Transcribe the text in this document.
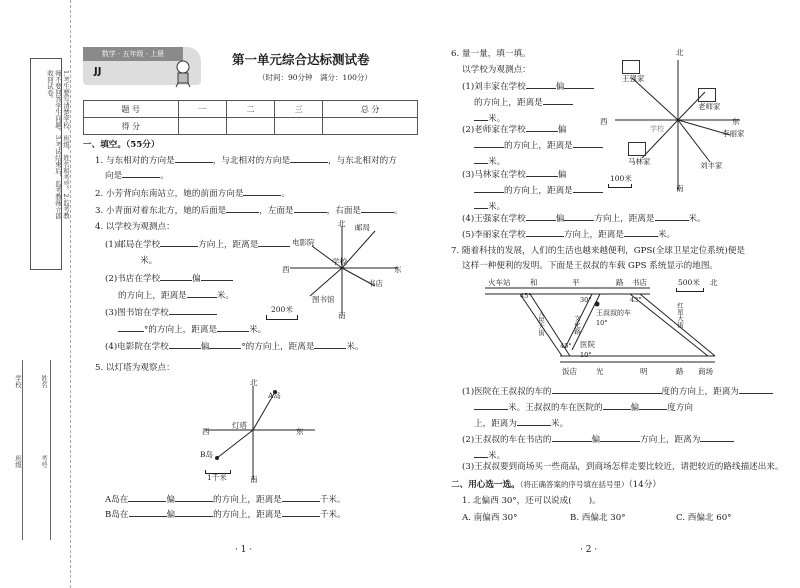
1.考生要写清楚学校、班级、姓名和考号。2.监考教师不要回答学生问题。3.考试结束后，监考教师立即收回试卷。
学校
班级
姓名
考号
数学 · 五年级 · 上册
JJ
第一单元综合达标测试卷
（时间：90分钟　满分：100分）
题 号	一	二	三	总 分
得 分				
一、填空。（55分）
1. 与东相对的方向是	，与北相对的方向是	，与东北相对的方
向是	。
2. 小芳背向东南站立，她的前面方向是	。
3. 小青面对着东北方，她的后面是	，左面是	，右面是	。
4. 以学校为观测点：
(1)邮局在学校	方向上，距离是
米。
(2)书店在学校	偏
的方向上，距离是	米。
(3)图书馆在学校
°的方向上，距离是	米。
(4)电影院在学校	偏	°的方向上，距离是	米。
北 邮局
电影院
西
学校
东
书店
图书馆
200米
南
5. 以灯塔为观察点：
北
A岛
灯塔
西	东
B岛
1千米	南
A岛在	偏	的方向上，距离是	千米。
B岛在	偏	的方向上，距离是	千米。
· 1 ·
6. 量一量，填一填。
以学校为观测点：
(1)刘丰家在学校	偏
的方向上，距离是
米。
(2)老师家在学校	偏
的方向上，距离是
米。
(3)马林家在学校	偏
的方向上，距离是
米。
(4)王强家在学校	偏	方向上，距离是	米。
(5)李丽家在学校	方向上，距离是	米。
北
王强家
老师家
西
学校
东
李丽家
马林家	刘丰家
100米
南
7. 随着科技的发展，人们的生活也越来越便利，GPS(全球卫星定位系统)便是
这样一种便利的发明。下面是王叔叔的车载 GPS 系统显示的地图。
火车站	和	平	路 书店	500米 北
30°	43°
45°
王叔叔的车
10°
45° 医院
10°
人民大街	文化路	红星大街
饭店	光	明	路 商场
(1)医院在王叔叔的车的	度的方向上，距离为
米。王叔叔的车在医院的	偏	度方向
上，距离为	米。
(2)王叔叔的车在书店的	偏	方向上，距离为
米。
(3)王叔叔要到商场买一些商品，到商场怎样走要比较近，请把较近的路线描述出来。
二、用心选一选。（将正确答案的序号填在括号里）（14分）
1. 北偏西 30°，还可以说成(　　)。
A. 南偏西 30°	B. 西偏北 30°	C. 西偏北 60°
· 2 ·
